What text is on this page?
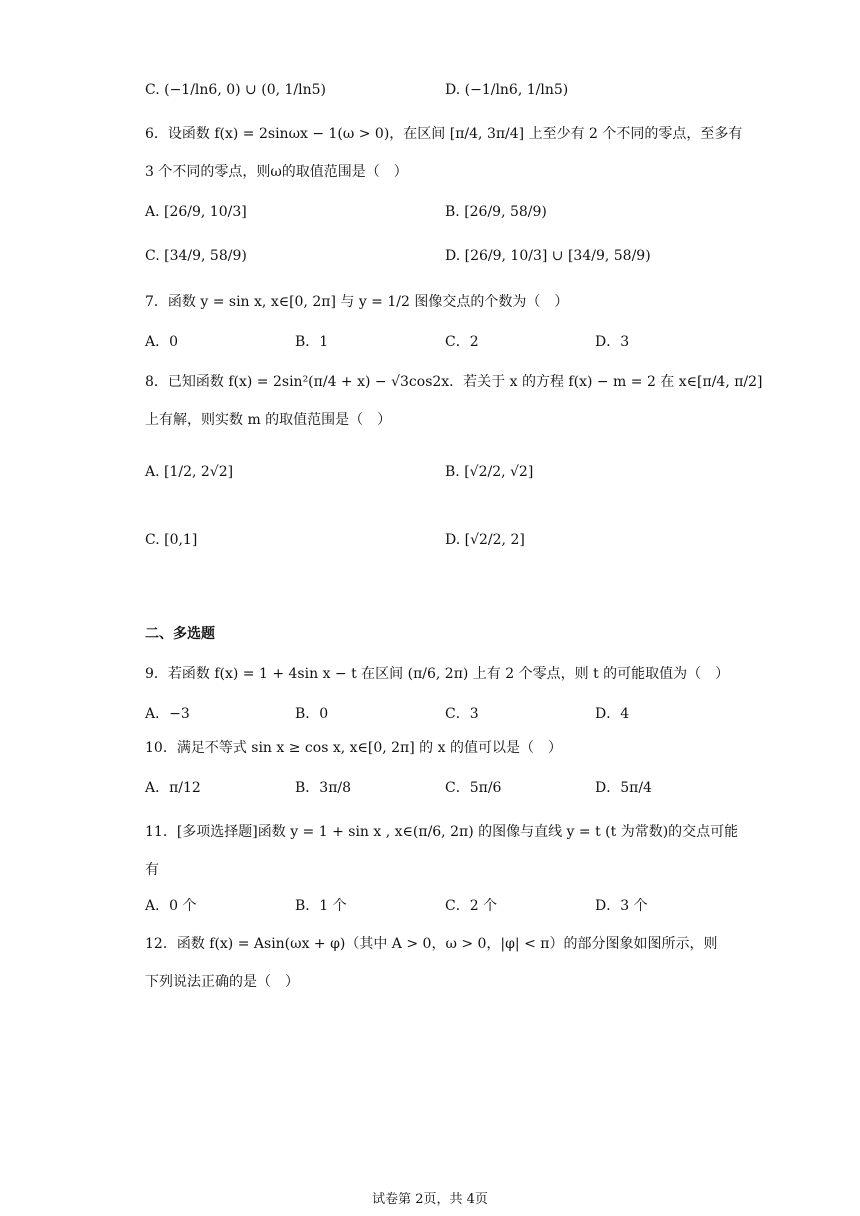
C. (−1/ln6, 0) ∪ (0, 1/ln5)	D. (−1/ln6, 1/ln5)
6．设函数 f(x) = 2sinωx − 1(ω > 0)，在区间 [π/4, 3π/4] 上至少有 2 个不同的零点，至多有
3 个不同的零点，则ω的取值范围是（　）
A. [26/9, 10/3]	B. [26/9, 58/9)
C. [34/9, 58/9)	D. [26/9, 10/3] ∪ [34/9, 58/9)
7．函数 y = sin x, x∈[0, 2π] 与 y = 1/2 图像交点的个数为（　）
A．0	B．1	C．2	D．3
8．已知函数 f(x) = 2sin²(π/4 + x) − √3cos2x．若关于 x 的方程 f(x) − m = 2 在 x∈[π/4, π/2]
上有解，则实数 m 的取值范围是（　）
A. [1/2, 2√2]	B. [√2/2, √2]
C. [0,1]	D. [√2/2, 2]
二、多选题
9．若函数 f(x) = 1 + 4sin x − t 在区间 (π/6, 2π) 上有 2 个零点，则 t 的可能取值为（　）
A．−3	B．0	C．3	D．4
10．满足不等式 sin x ≥ cos x, x∈[0, 2π] 的 x 的值可以是（　）
A．π/12	B．3π/8	C．5π/6	D．5π/4
11．[多项选择题]函数 y = 1 + sin x , x∈(π/6, 2π) 的图像与直线 y = t (t 为常数)的交点可能
有
A．0 个	B．1 个	C．2 个	D．3 个
12．函数 f(x) = Asin(ωx + φ)（其中 A > 0，ω > 0，|φ| < π）的部分图象如图所示，则
下列说法正确的是（　）
试卷第 2页，共 4页
